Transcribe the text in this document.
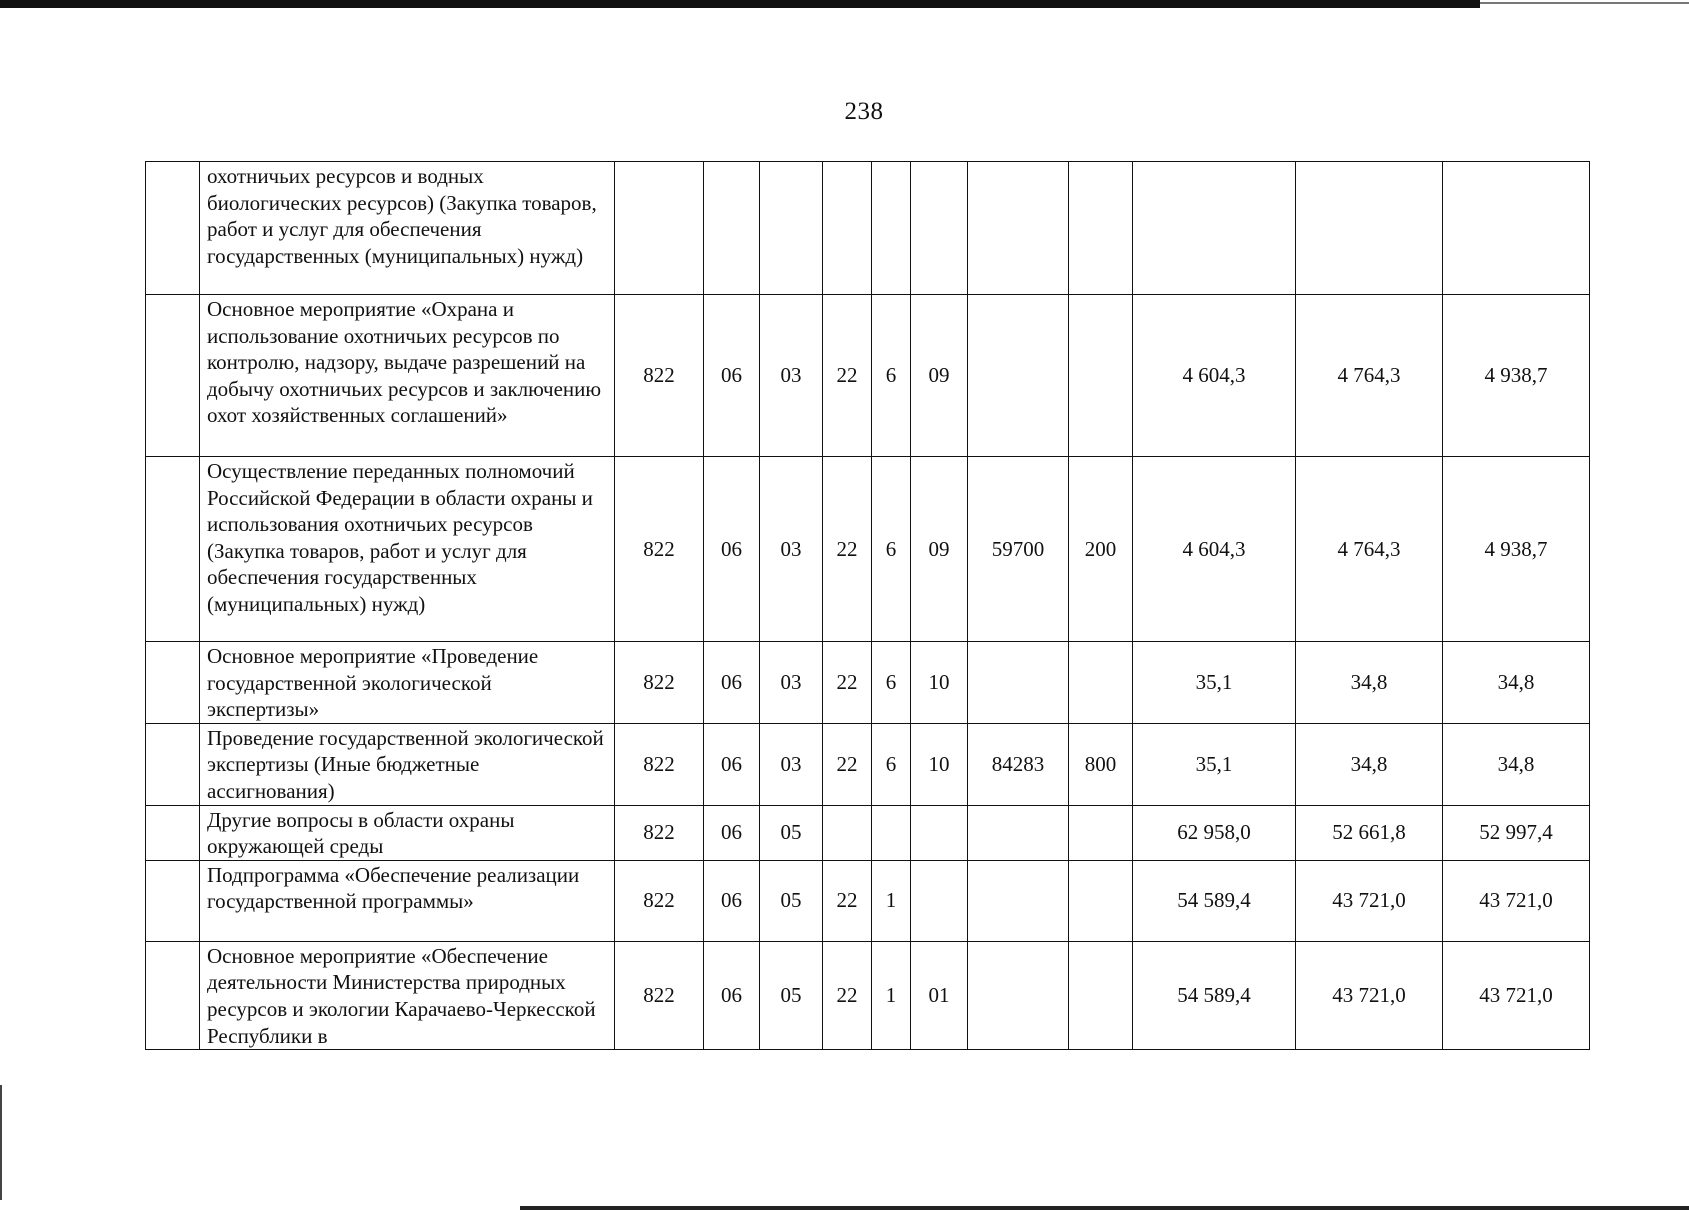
238
	охотничьих ресурсов и водных биологических ресурсов) (Закупка товаров, работ и услуг для обеспечения государственных (муниципальных) нужд)											
	Основное мероприятие «Охрана и использование охотничьих ресурсов по контролю, надзору, выдаче разрешений на добычу охотничьих ресурсов и заключению охот хозяйственных соглашений»	822	06	03	22	6	09			4 604,3	4 764,3	4 938,7
	Осуществление переданных полномочий Российской Федерации в области охраны и использования охотничьих ресурсов (Закупка товаров, работ и услуг для обеспечения государственных (муниципальных) нужд)	822	06	03	22	6	09	59700	200	4 604,3	4 764,3	4 938,7
	Основное мероприятие «Проведение государственной экологической экспертизы»	822	06	03	22	6	10			35,1	34,8	34,8
	Проведение государственной экологической экспертизы (Иные бюджетные ассигнования)	822	06	03	22	6	10	84283	800	35,1	34,8	34,8
	Другие вопросы в области охраны окружающей среды	822	06	05						62 958,0	52 661,8	52 997,4
	Подпрограмма «Обеспечение реализации государственной программы»	822	06	05	22	1				54 589,4	43 721,0	43 721,0
	Основное мероприятие «Обеспечение деятельности Министерства природных ресурсов и экологии Карачаево-Черкесской Республики в	822	06	05	22	1	01			54 589,4	43 721,0	43 721,0
